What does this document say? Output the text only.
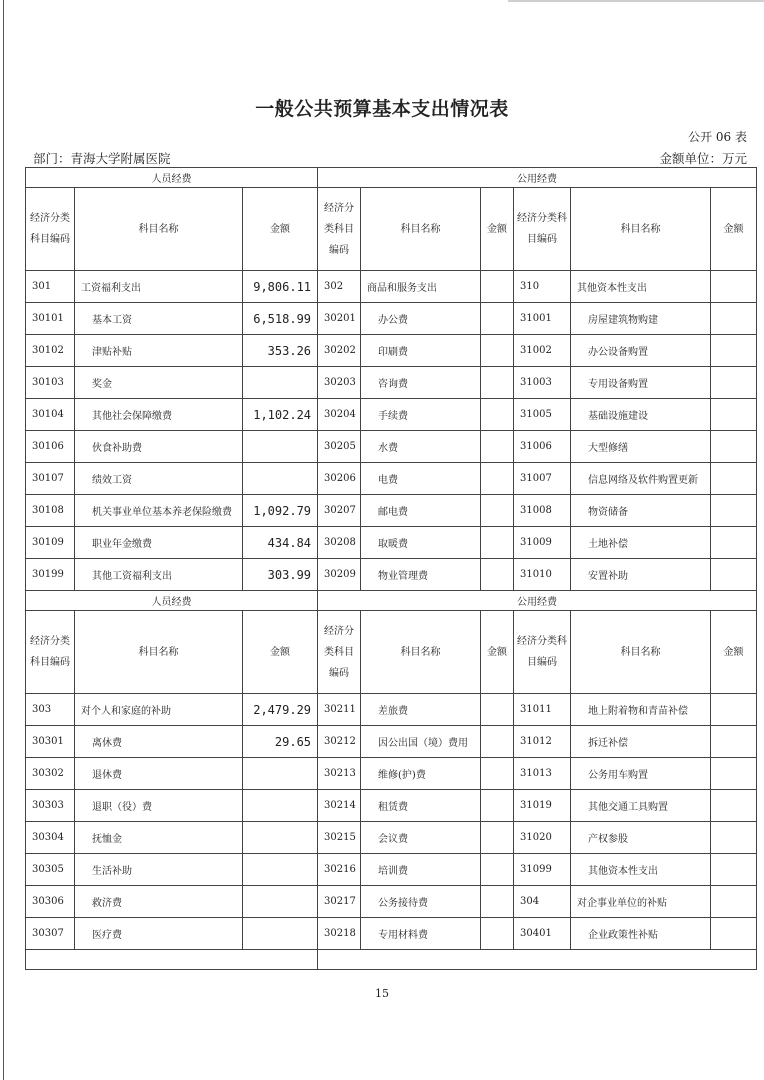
一般公共预算基本支出情况表
公开 06 表
部门：青海大学附属医院	金额单位：万元
人员经费			公用经费					
经济分类科目编码	科目名称	金额	经济分类科目编码	科目名称	金额	经济分类科目编码	科目名称	金额
301	工资福利支出	9,806.11	302	商品和服务支出		310	其他资本性支出	
30101	基本工资	6,518.99	30201	办公费		31001	房屋建筑物购建	
30102	津贴补贴	353.26	30202	印刷费		31002	办公设备购置	
30103	奖金		30203	咨询费		31003	专用设备购置	
30104	其他社会保障缴费	1,102.24	30204	手续费		31005	基础设施建设	
30106	伙食补助费		30205	水费		31006	大型修缮	
30107	绩效工资		30206	电费		31007	信息网络及软件购置更新	
30108	机关事业单位基本养老保险缴费	1,092.79	30207	邮电费		31008	物资储备	
30109	职业年金缴费	434.84	30208	取暖费		31009	土地补偿	
30199	其他工资福利支出	303.99	30209	物业管理费		31010	安置补助	
人员经费			公用经费					
经济分类科目编码	科目名称	金额	经济分类科目编码	科目名称	金额	经济分类科目编码	科目名称	金额
303	对个人和家庭的补助	2,479.29	30211	差旅费		31011	地上附着物和青苗补偿	
30301	离休费	29.65	30212	因公出国（境）费用		31012	拆迁补偿	
30302	退休费		30213	维修(护)费		31013	公务用车购置	
30303	退职（役）费		30214	租赁费		31019	其他交通工具购置	
30304	抚恤金		30215	会议费		31020	产权参股	
30305	生活补助		30216	培训费		31099	其他资本性支出	
30306	救济费		30217	公务接待费		304	对企事业单位的补贴	
30307	医疗费		30218	专用材料费		30401	企业政策性补贴	

15
